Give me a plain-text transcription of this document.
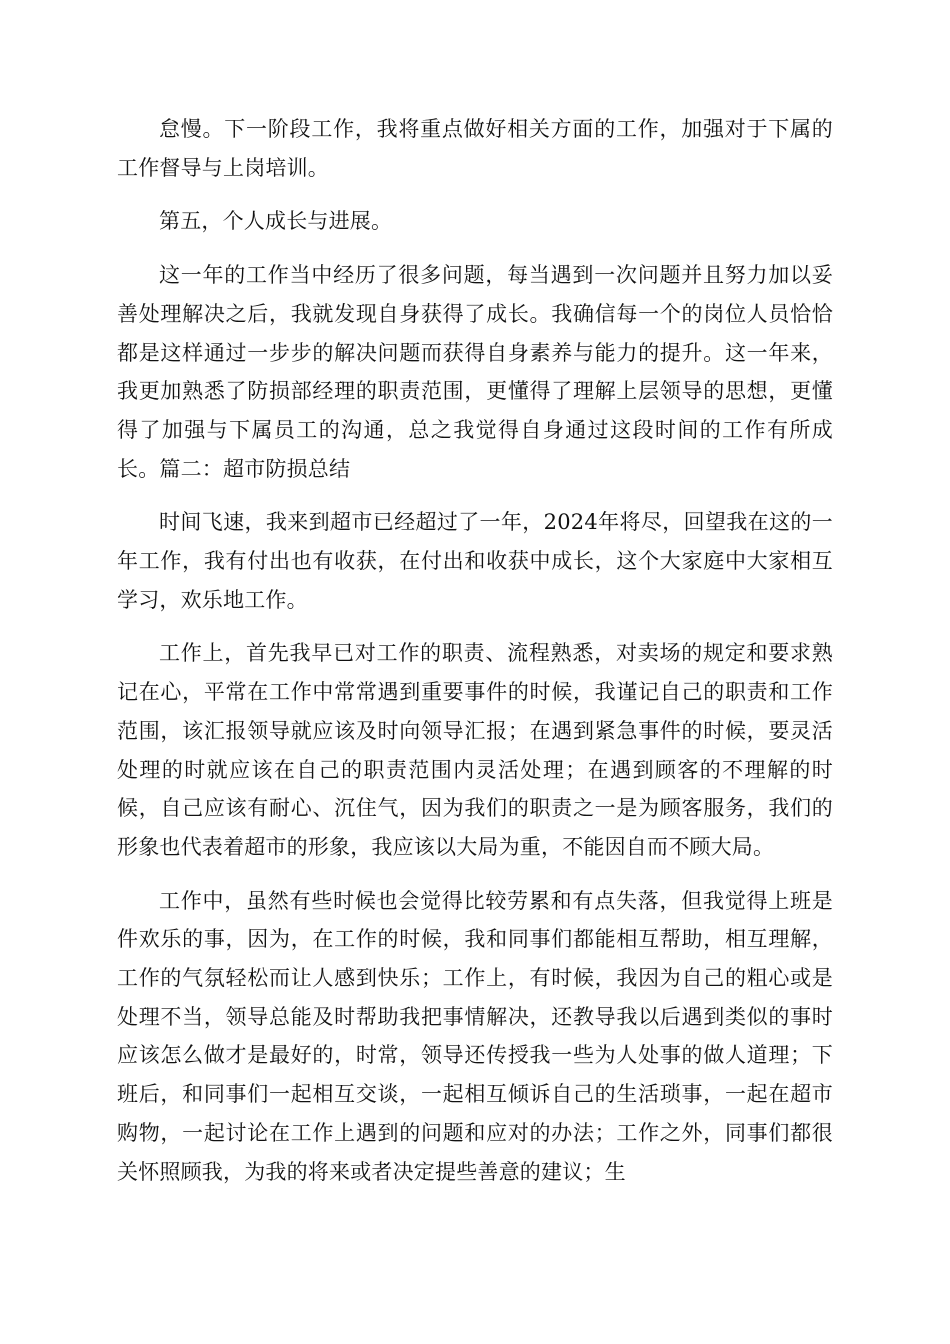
怠慢。下一阶段工作，我将重点做好相关方面的工作，加强对于下属的工作督导与上岗培训。

第五，个人成长与进展。

这一年的工作当中经历了很多问题，每当遇到一次问题并且努力加以妥善处理解决之后，我就发现自身获得了成长。我确信每一个的岗位人员恰恰都是这样通过一步步的解决问题而获得自身素养与能力的提升。这一年来，我更加熟悉了防损部经理的职责范围，更懂得了理解上层领导的思想，更懂得了加强与下属员工的沟通，总之我觉得自身通过这段时间的工作有所成长。篇二：超市防损总结

时间飞速，我来到超市已经超过了一年，2024年将尽，回望我在这的一年工作，我有付出也有收获，在付出和收获中成长，这个大家庭中大家相互学习，欢乐地工作。

工作上，首先我早已对工作的职责、流程熟悉，对卖场的规定和要求熟记在心，平常在工作中常常遇到重要事件的时候，我谨记自己的职责和工作范围，该汇报领导就应该及时向领导汇报；在遇到紧急事件的时候，要灵活处理的时就应该在自己的职责范围内灵活处理；在遇到顾客的不理解的时候，自己应该有耐心、沉住气，因为我们的职责之一是为顾客服务，我们的形象也代表着超市的形象，我应该以大局为重，不能因自而不顾大局。

工作中，虽然有些时候也会觉得比较劳累和有点失落，但我觉得上班是件欢乐的事，因为，在工作的时候，我和同事们都能相互帮助，相互理解，工作的气氛轻松而让人感到快乐；工作上，有时候，我因为自己的粗心或是处理不当，领导总能及时帮助我把事情解决，还教导我以后遇到类似的事时应该怎么做才是最好的，时常，领导还传授我一些为人处事的做人道理；下班后，和同事们一起相互交谈，一起相互倾诉自己的生活琐事，一起在超市购物，一起讨论在工作上遇到的问题和应对的办法；工作之外，同事们都很关怀照顾我，为我的将来或者决定提些善意的建议；生
